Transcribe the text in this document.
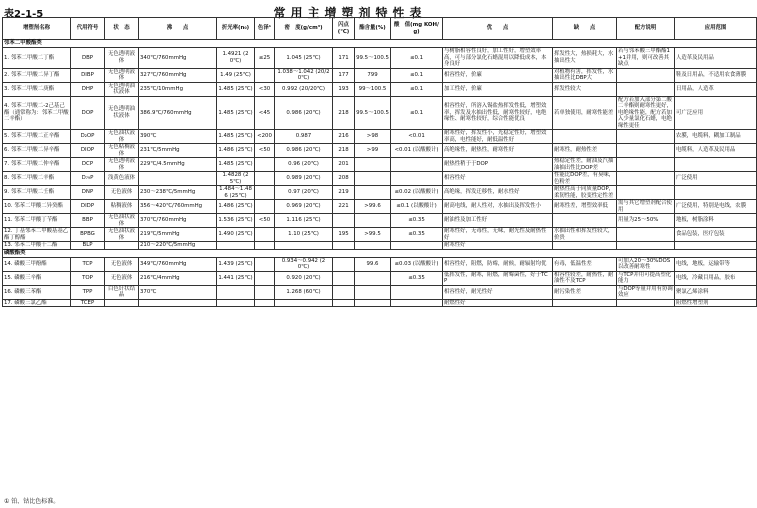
表2-1-5	常用主增塑剂特性表
增塑剂名称	代用符号	状　态	沸　　点	折光率(n₀)	色泽¹	密　度(g/cm³)	闪点(℃)	酯含量(%)	酸　值(mg KOH/g)	优　　点	缺　　点	配方说明	应用范围
邻苯二甲酸酯类													
1. 邻苯二甲酸二丁酯	DBP	无色透明液体	340℃/760mmHg	1.4921 (20℃)	≤25	1.045 (25℃)	171	99.5～100.5	≤0.1	与树脂相容性良好，加工性好，增塑效率高，可与部分氯化石蜡混用以降低成本，本身良好	挥发性大，热损耗大，水抽出性大	若与邻苯酸三甲酯酯1+1并用，则可改善其缺点	人造革及民用品
2. 邻苯二甲酸二异丁酯	DIBP	无色透明液体	327℃/760mmHg	1.49 (25℃)		1.038～1.042 (20/20℃)	177	799	≤0.1	相容性好，价廉	对植物有害，挥发性，水抽出性比DBP大		鞋及日用品，不适用农食薄膜
3. 邻苯二甲酸二庚酯	DHP	无色透明油状液体	235℃/10mmHg	1.485 (25℃)	<30	0.992 (20/20℃)	193	99～100.5	≤0.1	加工性好，价廉	挥发性较大		日用品，人造革
4. 邻苯二甲酸二-2己基己酯（通常称为：邻苯二甲酸二辛酯）	DOP	无色透明油状液体	386.9℃/760mmHg	1.485 (25℃)	<45	0.986 (20℃)	218	99.5～100.5	≤0.1	相容性好，所溶入锡盐热挥发性低，增塑效率，挥发及水抽出性低，耐寒性较好，电绝缘性、耐寒性较好，综合性能优良	若单独使用，耐寒性能差	配方若加入部分第二酸二辛酯则耐寒性更好，电绝缘性能，配方若加入少量氯化石蜡，电绝缘性更佳	可广泛应用
5. 邻苯二甲酸二正辛酯	D₂OP	无色油状液体	390℃	1.485 (25℃)	<200	0.987	216	>98	<0.01	耐寒性好，挥发性小，光稳定性好，增塑效率高，电性能好，耐低温性好			农膜，电缆料，糊加工制品
6. 邻苯二甲酸二异辛酯	DIOP	无色粘稠液体	231℃/5mmHg	1.486 (25℃)	<50	0.986 (20℃)	218	>99	<0.01 (以酸酸计)	高绝缘性，耐热性，耐寒性好	耐寒性，耐热性差		电缆料，人造革及民用品
7. 邻苯二甲酸二仲辛酯	DCP	无色透明液体	229℃/4.5mmHg	1.485 (25℃)		0.96 (20℃)	201			耐热性稍于于DOP	热稳定性差，耐油及汽抽油抽出性比DOP差		
8. 邻苯二甲酸二辛酯	D₇₉P	浅黄色液体		1.4828 (25℃)		0.989 (20℃)	208			相容性好	性能比DOP差，有臭味，色粉差		广泛使用
9. 邻苯二甲酸二壬酯	DNP	无色液体	230～238℃/5mmHg	1.484～1.486 (25℃)		0.97 (20℃)	219		≤0.02 (以酸酸计)	高绝缘，挥发迁移性，耐水性好	耐热性高于同质量DOP，柔韧性能，胶变性定性差		
10. 邻苯二甲酸二异癸酯	DIDP	粘稠液体	356～420℃/760mmHg	1.486 (25℃)		0.969 (20℃)	221	>99.6	≤0.1 (以酸酸计)	耐高电线，耐人性对，水抽出及挥发性小	耐寒性差，增塑效率低	需与其它增塑剂配合使用	广泛使用，特别是电线，农膜
11. 邻苯二甲酸丁苄酯	BBP	无色油状液体	370℃/760mmHg	1.536 (25℃)	<50	1.116 (25℃)			≤0.35	耐油性及加工性好		用量为25～50%	地板，树脂涂料
12. 丁基邻苯二甲酸基基乙酯丁醇酯	BPBG	无色油状液体	219℃/5mmHg	1.490 (25℃)		1.10 (25℃)	195	>99.5	≤0.35	耐寒性好，无毒性，无味，耐光性及耐热性好	水抽出性和挥发性较大，价贵		食品包装，医疗包装
13. 邻苯二甲酸十二酯	BLP		210～220℃/5mmHg							耐寒性好			
磷酸酯类													
14. 磷酸三甲酚酯	TCP	无色液体	349℃/760mmHg	1.439 (25℃)		0.934～0.942 (20℃)		99.6	≤0.03 (以酸酸计)	相容性好，阻燃，防霉，耐候，耐辐射均优	有毒，低温性差	可加入20～30%DOS以改善耐寒性	电线，地板，运输带等
15. 磷酸三辛酯	TOP	无色液体	216℃/4mmHg	1.441 (25℃)		0.920 (20℃)			≤0.35	低挥发性，耐寒，阻燃，耐霉菌性，好于TCP	相容性较差，耐热性，耐油性不及TCP	与TCP并用可提高塑化能力	电线，冷藏目用品，胶布
16. 磷酸三苯酯	TPP	白色针状结晶	370℃			1.268 (60℃)				相容性好，耐光性好	耐污染性差	与DOP等量并用有协调效应	聚氯乙烯涂料
17. 磷酸三氯乙酯	TCEP									耐燃性好			阻燃性增塑剂
① 铂、钴比色标准。
